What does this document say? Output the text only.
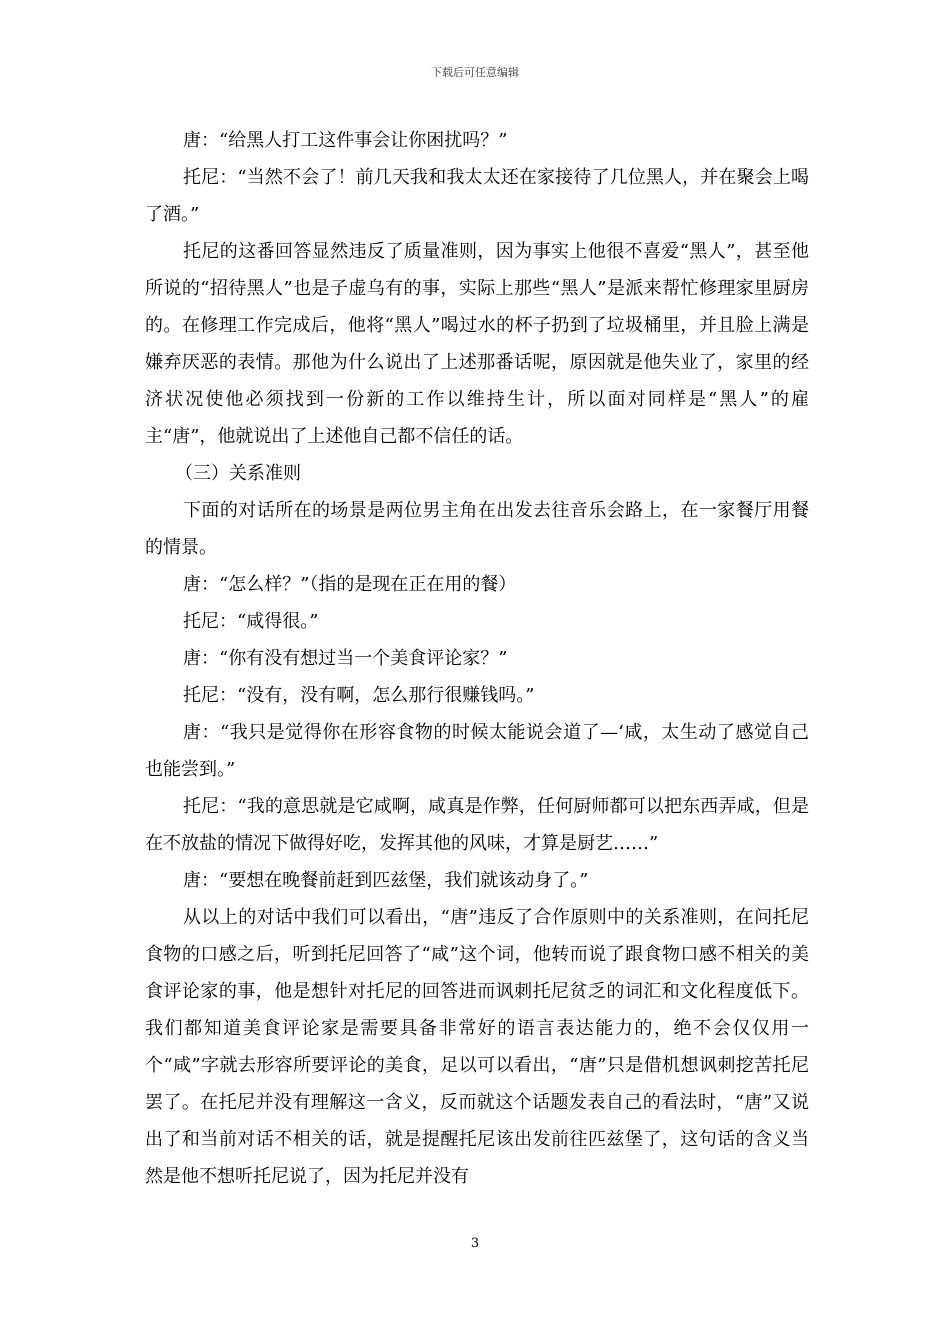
下载后可任意编辑

唐：“给黑人打工这件事会让你困扰吗？”

托尼：“当然不会了！前几天我和我太太还在家接待了几位黑人，并在聚会上喝了酒。”

托尼的这番回答显然违反了质量准则，因为事实上他很不喜爱“黑人”，甚至他所说的“招待黑人”也是子虚乌有的事，实际上那些“黑人”是派来帮忙修理家里厨房的。在修理工作完成后，他将“黑人”喝过水的杯子扔到了垃圾桶里，并且脸上满是嫌弃厌恶的表情。那他为什么说出了上述那番话呢，原因就是他失业了，家里的经济状况使他必须找到一份新的工作以维持生计，所以面对同样是“黑人”的雇主“唐”，他就说出了上述他自己都不信任的话。

（三）关系准则

下面的对话所在的场景是两位男主角在出发去往音乐会路上，在一家餐厅用餐的情景。

唐：“怎么样？”（指的是现在正在用的餐）

托尼：“咸得很。”

唐：“你有没有想过当一个美食评论家？”

托尼：“没有，没有啊，怎么那行很赚钱吗。”

唐：“我只是觉得你在形容食物的时候太能说会道了—‘咸，太生动了感觉自己也能尝到。”

托尼：“我的意思就是它咸啊，咸真是作弊，任何厨师都可以把东西弄咸，但是在不放盐的情况下做得好吃，发挥其他的风味，才算是厨艺……”

唐：“要想在晚餐前赶到匹兹堡，我们就该动身了。”

从以上的对话中我们可以看出，“唐”违反了合作原则中的关系准则，在问托尼食物的口感之后，听到托尼回答了“咸”这个词，他转而说了跟食物口感不相关的美食评论家的事，他是想针对托尼的回答进而讽刺托尼贫乏的词汇和文化程度低下。我们都知道美食评论家是需要具备非常好的语言表达能力的，绝不会仅仅用一个“咸”字就去形容所要评论的美食，足以可以看出，“唐”只是借机想讽刺挖苦托尼罢了。在托尼并没有理解这一含义，反而就这个话题发表自己的看法时，“唐”又说出了和当前对话不相关的话，就是提醒托尼该出发前往匹兹堡了，这句话的含义当然是他不想听托尼说了，因为托尼并没有

3
